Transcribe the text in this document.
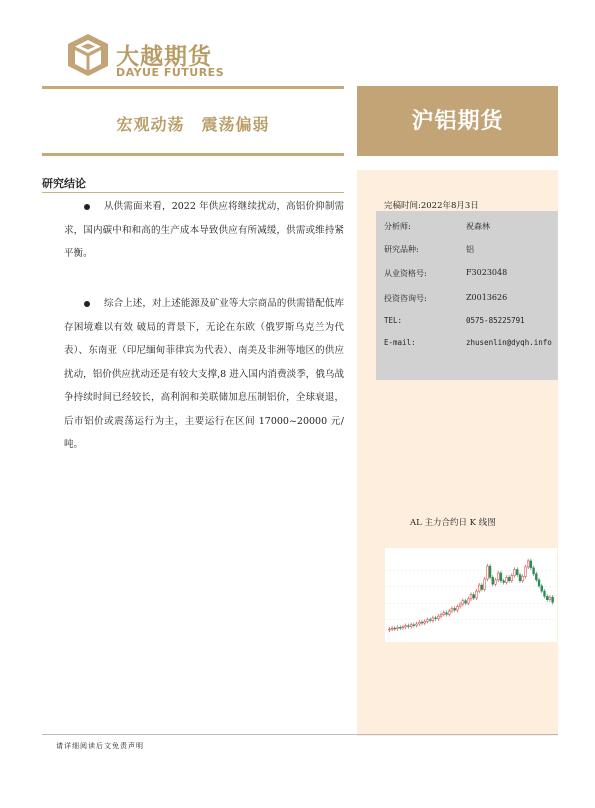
大越期货
DAYUE FUTURES
宏观动荡　震荡偏弱	沪铝期货
研究结论
从供需面来看，2022 年供应将继续扰动，高铝价抑制需求，国内碳中和和高的生产成本导致供应有所减缓，供需或维持紧平衡。
综合上述，对上述能源及矿业等大宗商品的供需错配低库存困境难以有效 破局的背景下，无论在东欧（俄罗斯乌克兰为代表）、东南亚（印尼缅甸菲律宾为代表）、南美及非洲等地区的供应扰动，铝价供应扰动还是有较大支撑,8 进入国内消费淡季，俄乌战争持续时间已经较长，高利润和美联储加息压制铝价，全球衰退，后市铝价或震荡运行为主，主要运行在区间 17000~20000 元/吨。
完稿时间:2022年8月3日
分析师:	祝森林
研究品种:	铝
从业资格号:	F3023048
投资咨询号:	Z0013626
TEL:	0575-85225791
E-mail:	zhusenlin@dyqh.info
AL 主力合约日 K 线图
请详细阅读后文免责声明
